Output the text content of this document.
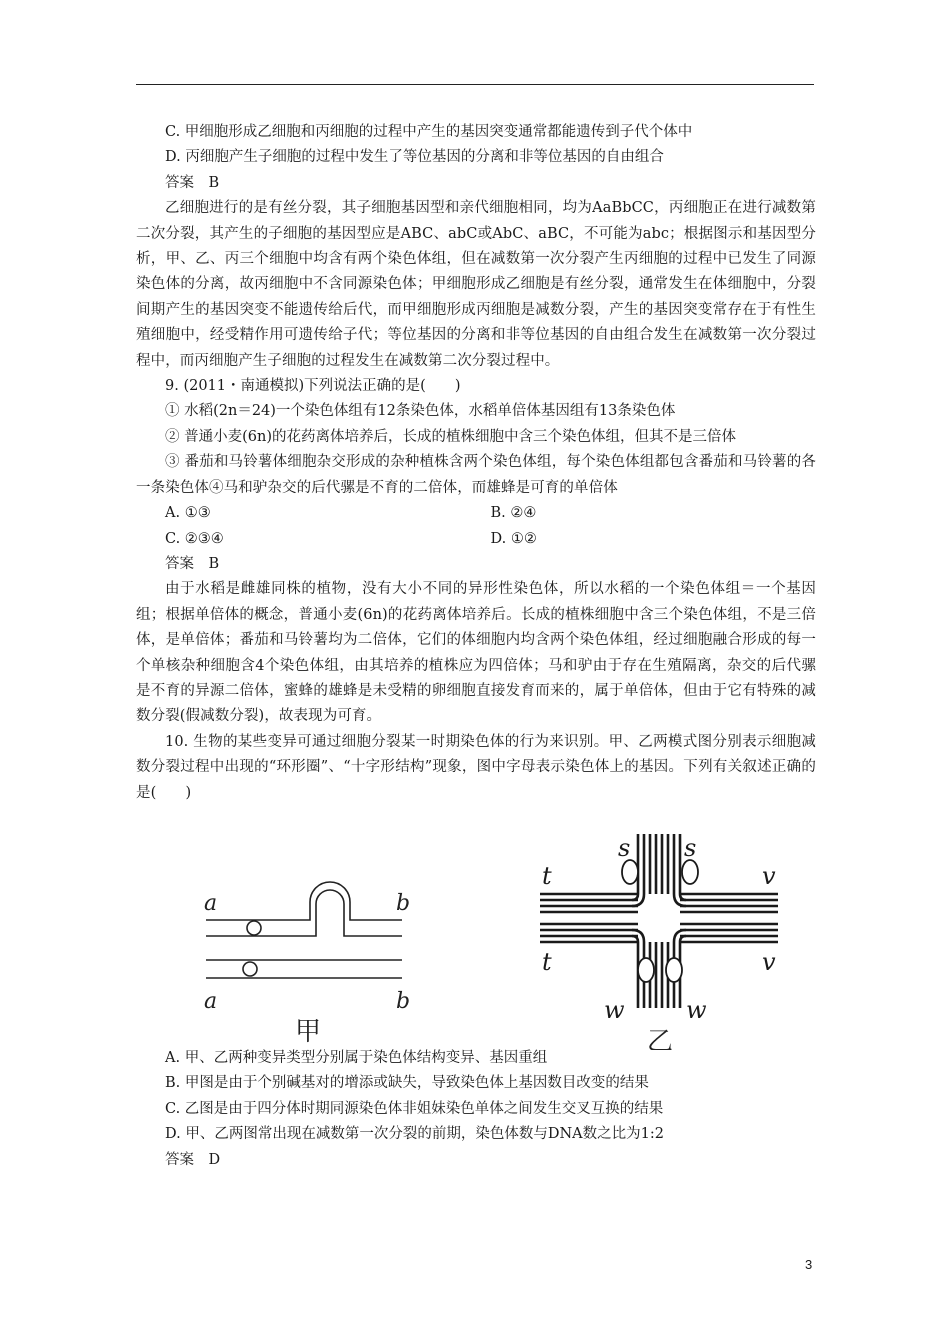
C. 甲细胞形成乙细胞和丙细胞的过程中产生的基因突变通常都能遗传到子代个体中

D. 丙细胞产生子细胞的过程中发生了等位基因的分离和非等位基因的自由组合

答案　B

乙细胞进行的是有丝分裂，其子细胞基因型和亲代细胞相同，均为AaBbCC，丙细胞正在进行减数第二次分裂，其产生的子细胞的基因型应是ABC、abC或AbC、aBC，不可能为abc；根据图示和基因型分析，甲、乙、丙三个细胞中均含有两个染色体组，但在减数第一次分裂产生丙细胞的过程中已发生了同源染色体的分离，故丙细胞中不含同源染色体；甲细胞形成乙细胞是有丝分裂，通常发生在体细胞中，分裂间期产生的基因突变不能遗传给后代，而甲细胞形成丙细胞是减数分裂，产生的基因突变常存在于有性生殖细胞中，经受精作用可遗传给子代；等位基因的分离和非等位基因的自由组合发生在减数第一次分裂过程中，而丙细胞产生子细胞的过程发生在减数第二次分裂过程中。

9. (2011・南通模拟)下列说法正确的是(　　)

① 水稻(2n＝24)一个染色体组有12条染色体，水稻单倍体基因组有13条染色体

② 普通小麦(6n)的花药离体培养后，长成的植株细胞中含三个染色体组，但其不是三倍体

③ 番茄和马铃薯体细胞杂交形成的杂种植株含两个染色体组，每个染色体组都包含番茄和马铃薯的各一条染色体④马和驴杂交的后代骡是不育的二倍体，而雄蜂是可育的单倍体

A. ①③	B. ②④
C. ②③④	D. ①②

答案　B

由于水稻是雌雄同株的植物，没有大小不同的异形性染色体，所以水稻的一个染色体组＝一个基因组；根据单倍体的概念，普通小麦(6n)的花药离体培养后。长成的植株细胞中含三个染色体组，不是三倍体，是单倍体；番茄和马铃薯均为二倍体，它们的体细胞内均含两个染色体组，经过细胞融合形成的每一个单核杂种细胞含4个染色体组，由其培养的植株应为四倍体；马和驴由于存在生殖隔离，杂交的后代骡是不育的异源二倍体，蜜蜂的雄蜂是未受精的卵细胞直接发育而来的，属于单倍体，但由于它有特殊的减数分裂(假减数分裂)，故表现为可育。

10. 生物的某些变异可通过细胞分裂某一时期染色体的行为来识别。甲、乙两模式图分别表示细胞减数分裂过程中出现的“环形圈”、“十字形结构”现象，图中字母表示染色体上的基因。下列有关叙述正确的是(　　)

a	b
a	b
甲
s s
t
t
v
v
w	w
乙

A. 甲、乙两种变异类型分别属于染色体结构变异、基因重组

B. 甲图是由于个别碱基对的增添或缺失，导致染色体上基因数目改变的结果

C. 乙图是由于四分体时期同源染色体非姐妹染色单体之间发生交叉互换的结果

D. 甲、乙两图常出现在减数第一次分裂的前期，染色体数与DNA数之比为1:2

答案　D

3
